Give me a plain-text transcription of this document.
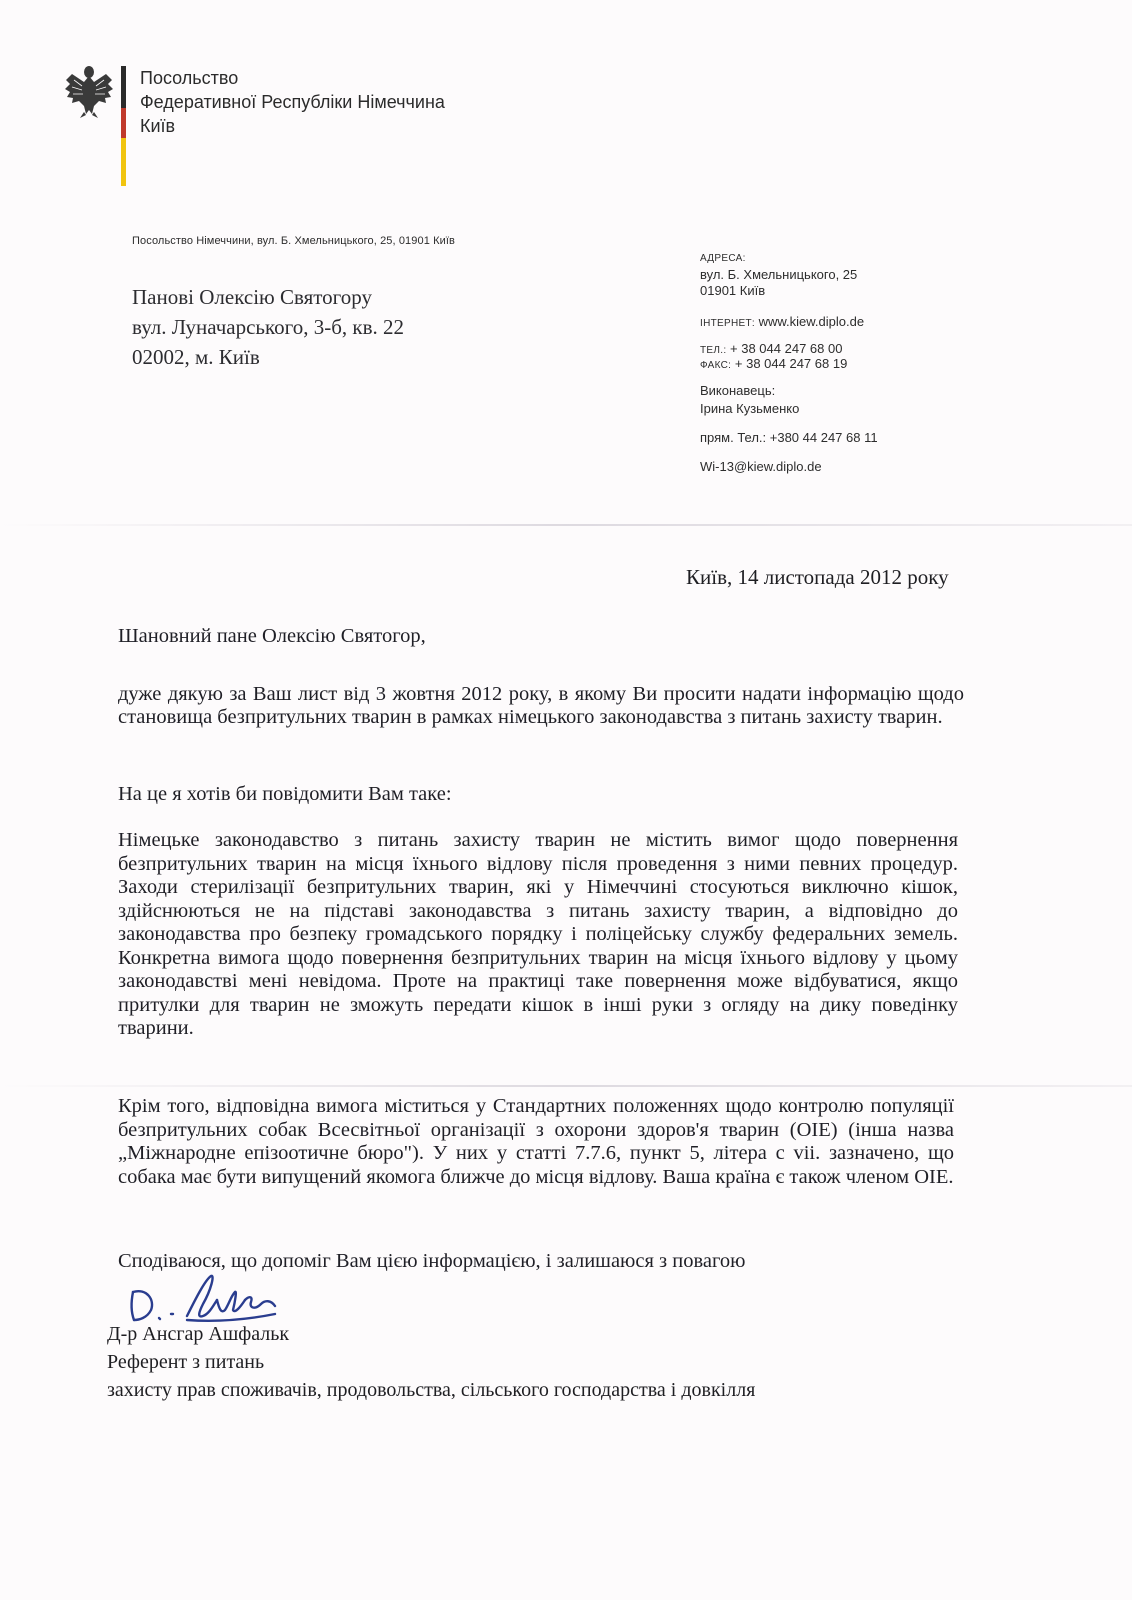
Посольство
Федеративної Республіки Німеччина
Київ
Посольство Німеччини, вул. Б. Хмельницького, 25, 01901 Київ
Панові Олексію Святогору
вул. Луначарського, 3-б, кв. 22
02002, м. Київ
АДРЕСА:
вул. Б. Хмельницького, 25
01901 Київ
ІНТЕРНЕТ: www.kiew.diplo.de
ТЕЛ.: + 38 044 247 68 00
ФАКС: + 38 044 247 68 19
Виконавець:
Ірина Кузьменко
прям. Тел.: +380 44 247 68 11
Wi-13@kiew.diplo.de
Київ, 14 листопада 2012 року
Шановний пане Олексію Святогор,
дуже дякую за Ваш лист від 3 жовтня 2012 року, в якому Ви просити надати інформацію щодо становища безпритульних тварин в рамках німецького законодавства з питань захисту тварин.
На це я хотів би повідомити Вам таке:
Німецьке законодавство з питань захисту тварин не містить вимог щодо повернення безпритульних тварин на місця їхнього відлову після проведення з ними певних процедур. Заходи стерилізації безпритульних тварин, які у Німеччині стосуються виключно кішок, здійснюються не на підставі законодавства з питань захисту тварин, а відповідно до законодавства про безпеку громадського порядку і поліцейську службу федеральних земель. Конкретна вимога щодо повернення безпритульних тварин на місця їхнього відлову у цьому законодавстві мені невідома. Проте на практиці таке повернення може відбуватися, якщо притулки для тварин не зможуть передати кішок в інші руки з огляду на дику поведінку тварини.
Крім того, відповідна вимога міститься у Стандартних положеннях щодо контролю популяції безпритульних собак Всесвітньої організації з охорони здоров'я тварин (OIE) (інша назва „Міжнародне епізоотичне бюро"). У них у статті 7.7.6, пункт 5, літера с vii. зазначено, що собака має бути випущений якомога ближче до місця відлову. Ваша країна є також членом OIE.
Сподіваюся, що допоміг Вам цією інформацією, і залишаюся з повагою
Д-р Ансгар Ашфальк
Референт з питань
захисту прав споживачів, продовольства, сільського господарства і довкілля
